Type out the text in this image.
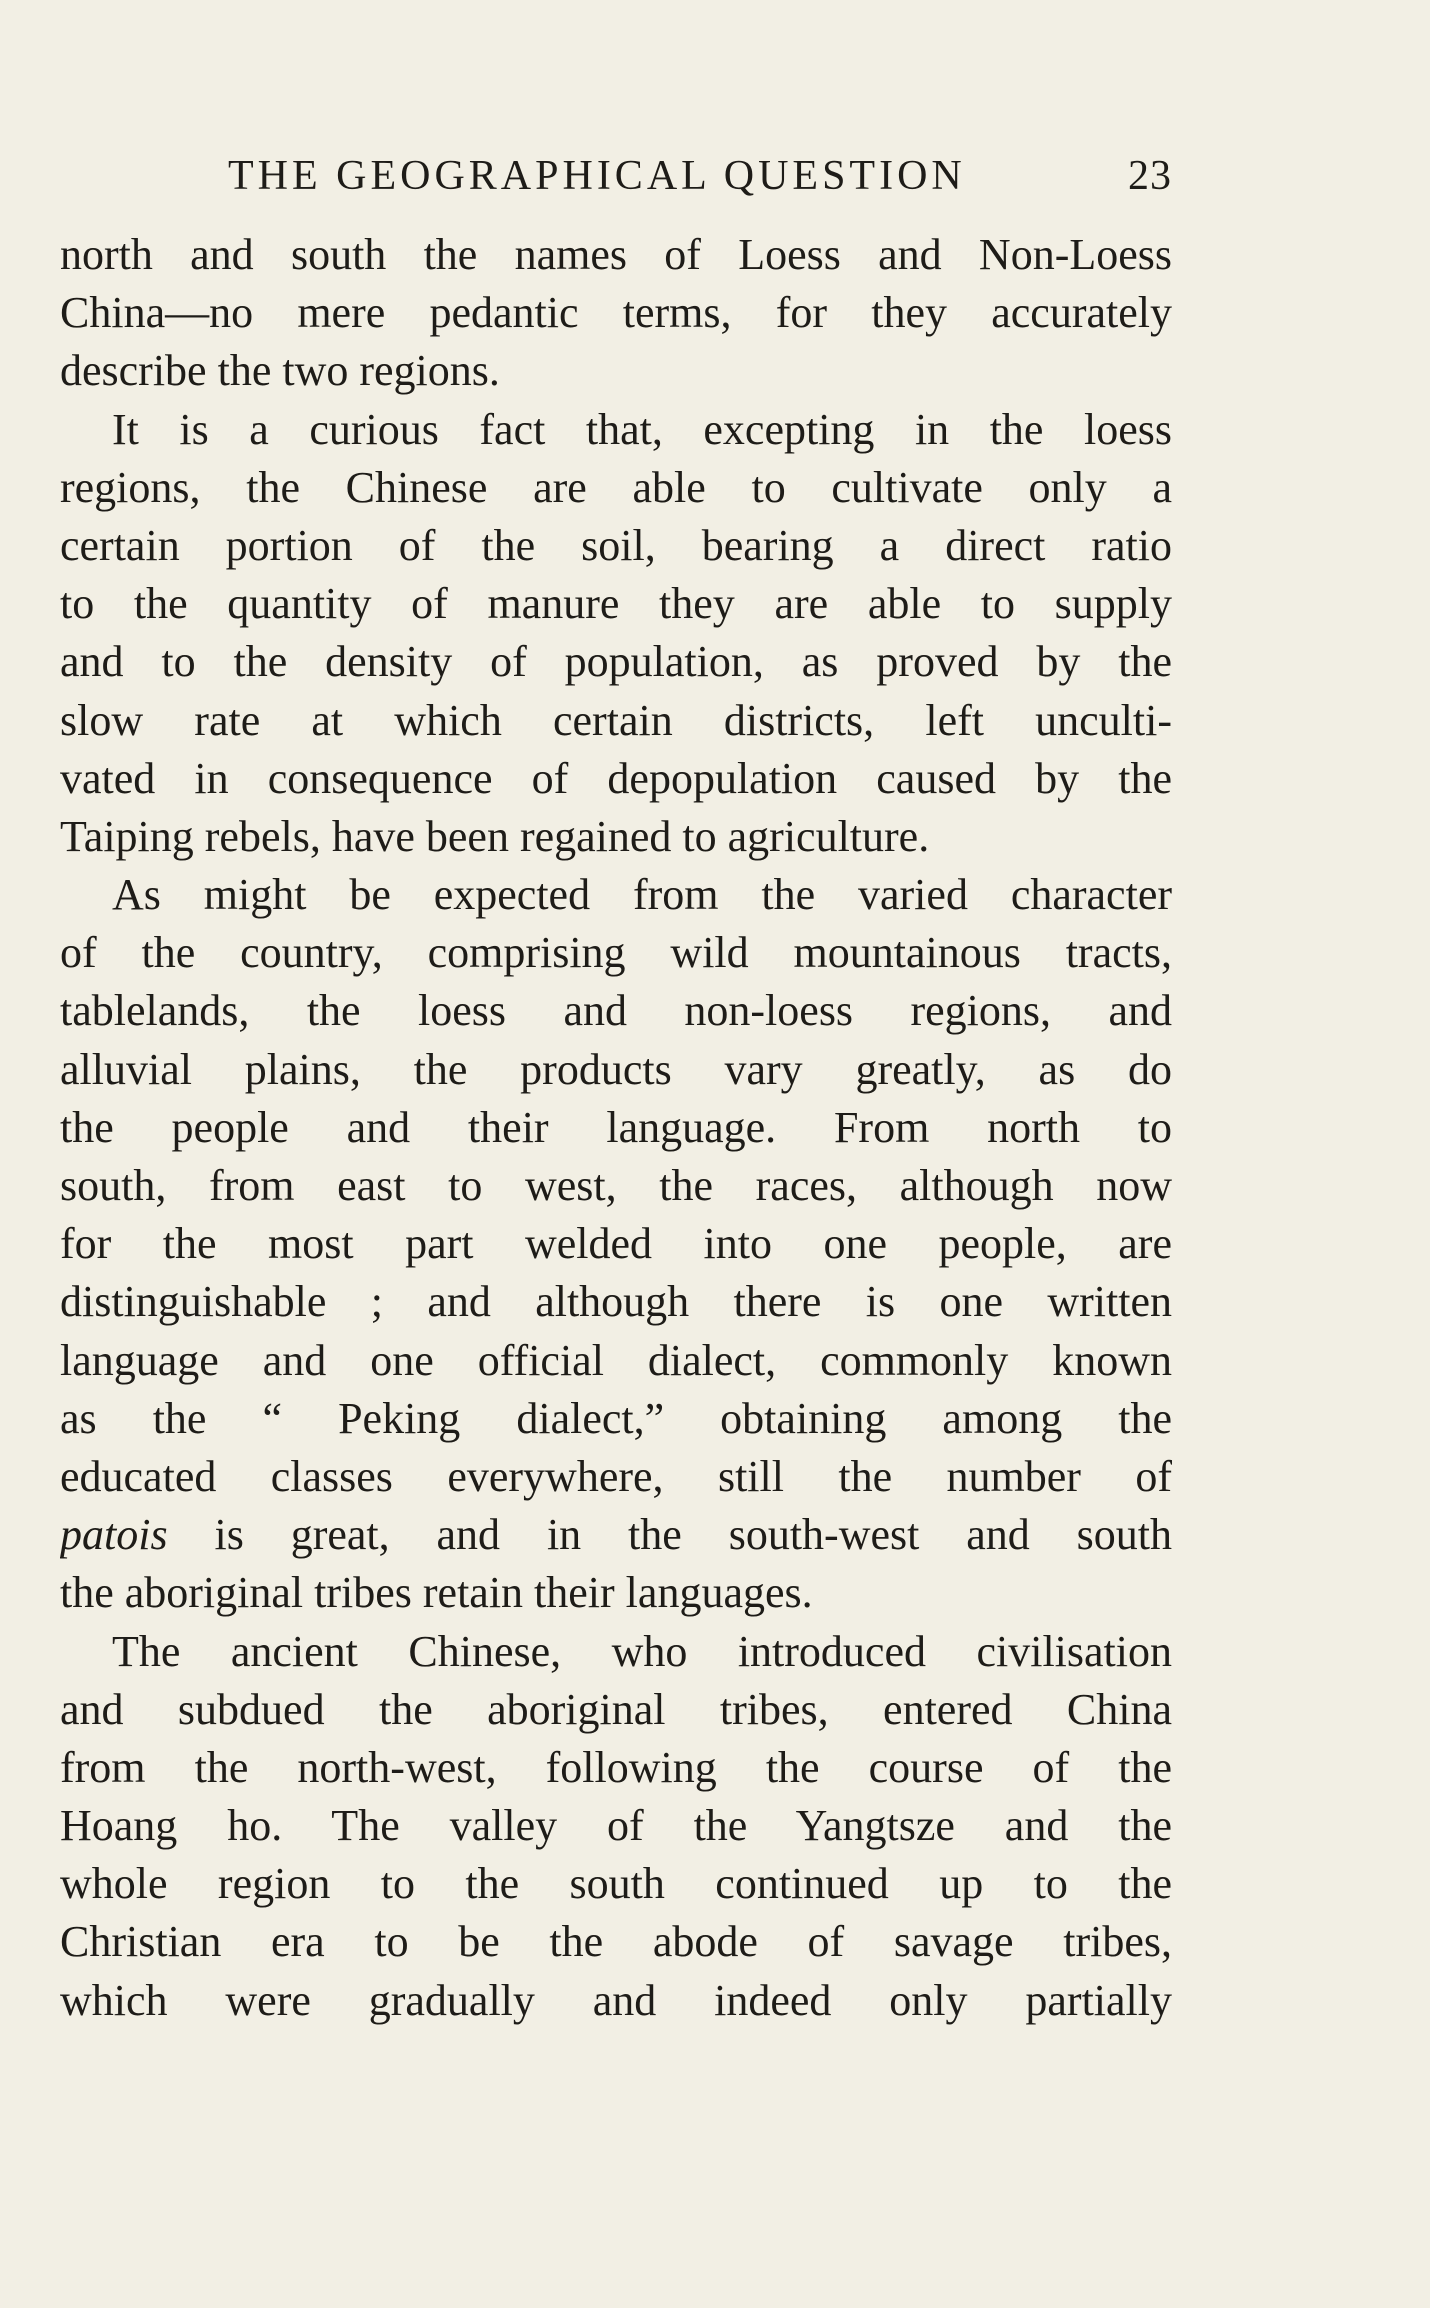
THE GEOGRAPHICAL QUESTION	23
north and south the names of Loess and Non-Loess
China—no mere pedantic terms, for they accurately
describe the two regions.
It is a curious fact that, excepting in the loess
regions, the Chinese are able to cultivate only a
certain portion of the soil, bearing a direct ratio
to the quantity of manure they are able to supply
and to the density of population, as proved by the
slow rate at which certain districts, left unculti-
vated in consequence of depopulation caused by the
Taiping rebels, have been regained to agriculture.
As might be expected from the varied character
of the country, comprising wild mountainous tracts,
tablelands, the loess and non-loess regions, and
alluvial plains, the products vary greatly, as do
the people and their language. From north to
south, from east to west, the races, although now
for the most part welded into one people, are
distinguishable ; and although there is one written
language and one official dialect, commonly known
as the “ Peking dialect,” obtaining among the
educated classes everywhere, still the number of
patois is great, and in the south-west and south
the aboriginal tribes retain their languages.
The ancient Chinese, who introduced civilisation
and subdued the aboriginal tribes, entered China
from the north-west, following the course of the
Hoang ho. The valley of the Yangtsze and the
whole region to the south continued up to the
Christian era to be the abode of savage tribes,
which were gradually and indeed only partially
